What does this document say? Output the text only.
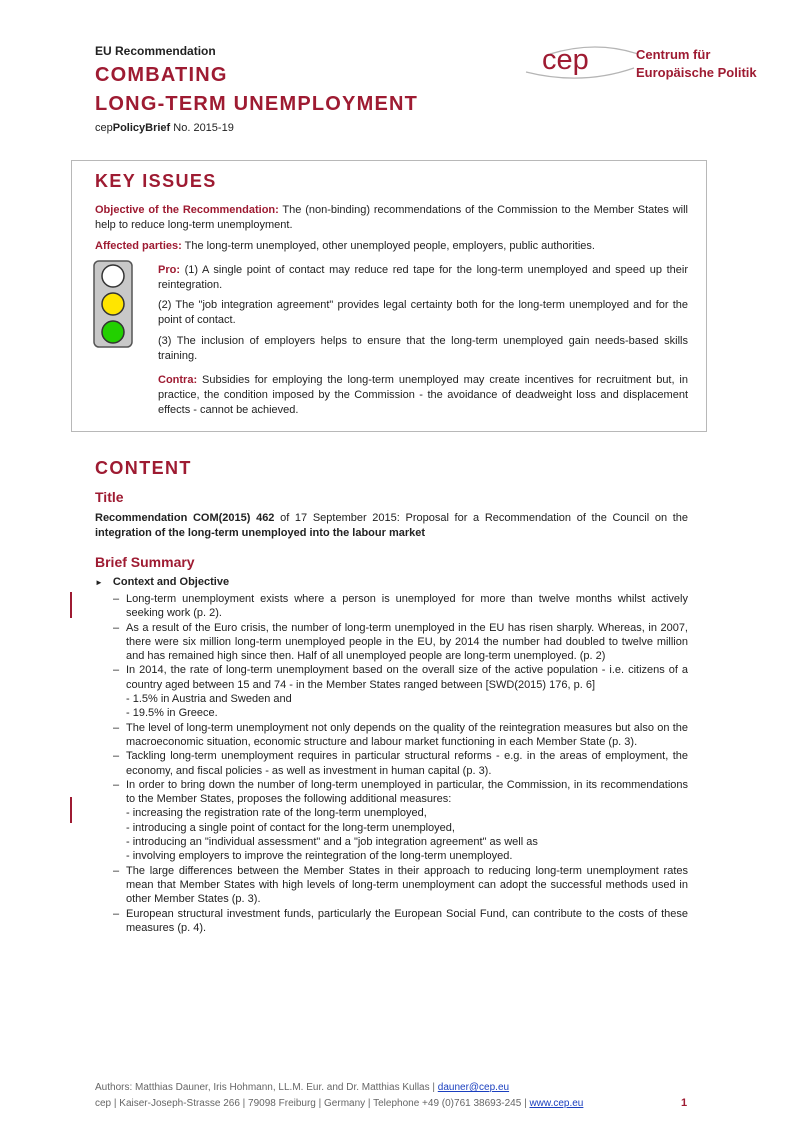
EU Recommendation
COMBATING
LONG-TERM UNEMPLOYMENT
cepPolicyBrief No. 2015-19
cep	Centrum für
Europäische Politik
KEY ISSUES
Objective of the Recommendation: The (non-binding) recommendations of the Commission to the Member States will help to reduce long-term unemployment.
Affected parties: The long-term unemployed, other unemployed people, employers, public authorities.
Pro: (1) A single point of contact may reduce red tape for the long-term unemployed and speed up their reintegration.
(2) The "job integration agreement" provides legal certainty both for the long-term unemployed and for the point of contact.
(3) The inclusion of employers helps to ensure that the long-term unemployed gain needs-based skills training.
Contra: Subsidies for employing the long-term unemployed may create incentives for recruitment but, in practice, the condition imposed by the Commission - the avoidance of deadweight loss and displacement effects - cannot be achieved.
CONTENT
Title
Recommendation COM(2015) 462 of 17 September 2015: Proposal for a Recommendation of the Council on the integration of the long-term unemployed into the labour market
Brief Summary
► Context and Objective
– Long-term unemployment exists where a person is unemployed for more than twelve months whilst actively seeking work (p. 2).
– As a result of the Euro crisis, the number of long-term unemployed in the EU has risen sharply. Whereas, in 2007, there were six million long-term unemployed people in the EU, by 2014 the number had doubled to twelve million and has remained high since then. Half of all unemployed people are long-term unemployed. (p. 2)
– In 2014, the rate of long-term unemployment based on the overall size of the active population - i.e. citizens of a country aged between 15 and 74 - in the Member States ranged between [SWD(2015) 176, p. 6]
- 1.5% in Austria and Sweden and
- 19.5% in Greece.
– The level of long-term unemployment not only depends on the quality of the reintegration measures but also on the macroeconomic situation, economic structure and labour market functioning in each Member State (p. 3).
– Tackling long-term unemployment requires in particular structural reforms - e.g. in the areas of employment, the economy, and fiscal policies - as well as investment in human capital (p. 3).
– In order to bring down the number of long-term unemployed in particular, the Commission, in its recommendations to the Member States, proposes the following additional measures:
- increasing the registration rate of the long-term unemployed,
- introducing a single point of contact for the long-term unemployed,
- introducing an "individual assessment" and a "job integration agreement" as well as
- involving employers to improve the reintegration of the long-term unemployed.
– The large differences between the Member States in their approach to reducing long-term unemployment rates mean that Member States with high levels of long-term unemployment can adopt the successful methods used in other Member States (p. 3).
– European structural investment funds, particularly the European Social Fund, can contribute to the costs of these measures (p. 4).
Authors: Matthias Dauner, Iris Hohmann, LL.M. Eur. and Dr. Matthias Kullas | dauner@cep.eu
cep | Kaiser-Joseph-Strasse 266 | 79098 Freiburg | Germany | Telephone +49 (0)761 38693-245 | www.cep.eu	1
